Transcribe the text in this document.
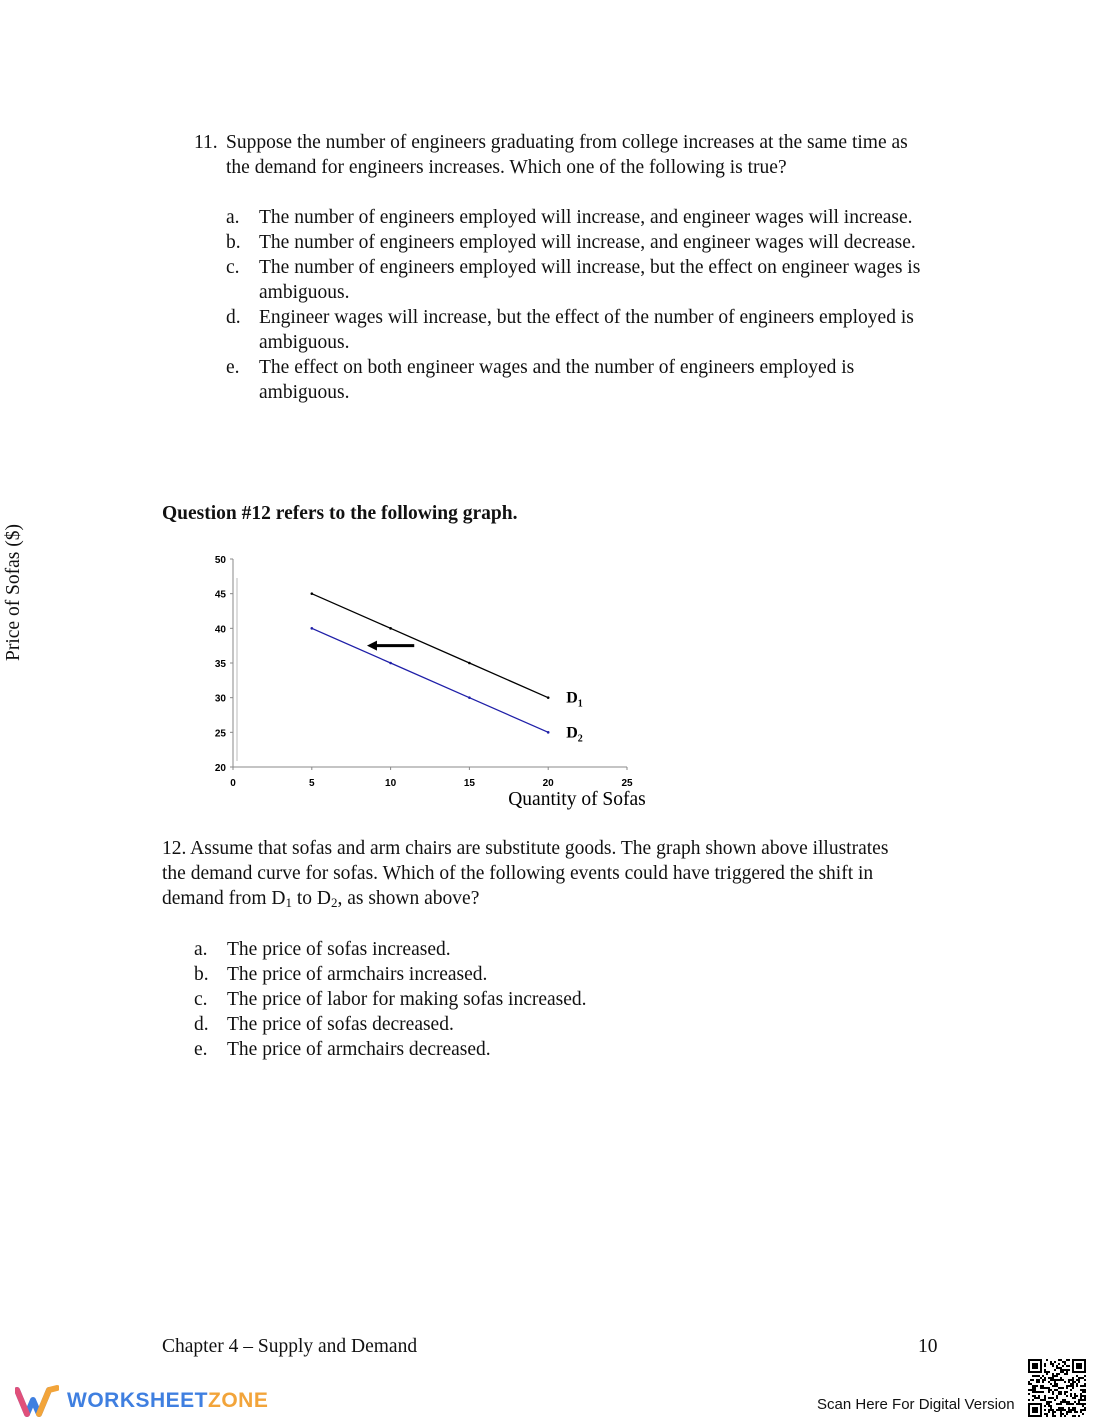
11. Suppose the number of engineers graduating from college increases at the same time as the demand for engineers increases. Which one of the following is true?
a. The number of engineers employed will increase, and engineer wages will increase.
b. The number of engineers employed will increase, and engineer wages will decrease.
c. The number of engineers employed will increase, but the effect on engineer wages is ambiguous.
d. Engineer wages will increase, but the effect of the number of engineers employed is ambiguous.
e. The effect on both engineer wages and the number of engineers employed is ambiguous.
Question #12 refers to the following graph.
Price of Sofas ($)
20
25
30
35
40
45
50
0	5	10	15	20	25
$D_1$
$D_2$
Quantity of Sofas
12. Assume that sofas and arm chairs are substitute goods. The graph shown above illustrates the demand curve for sofas. Which of the following events could have triggered the shift in demand from $D_1$ to $D_2$, as shown above?
a. The price of sofas increased.
b. The price of armchairs increased.
c. The price of labor for making sofas increased.
d. The price of sofas decreased.
e. The price of armchairs decreased.
Chapter 4 – Supply and Demand	10
WORKSHEETZONE	Scan Here For Digital Version
